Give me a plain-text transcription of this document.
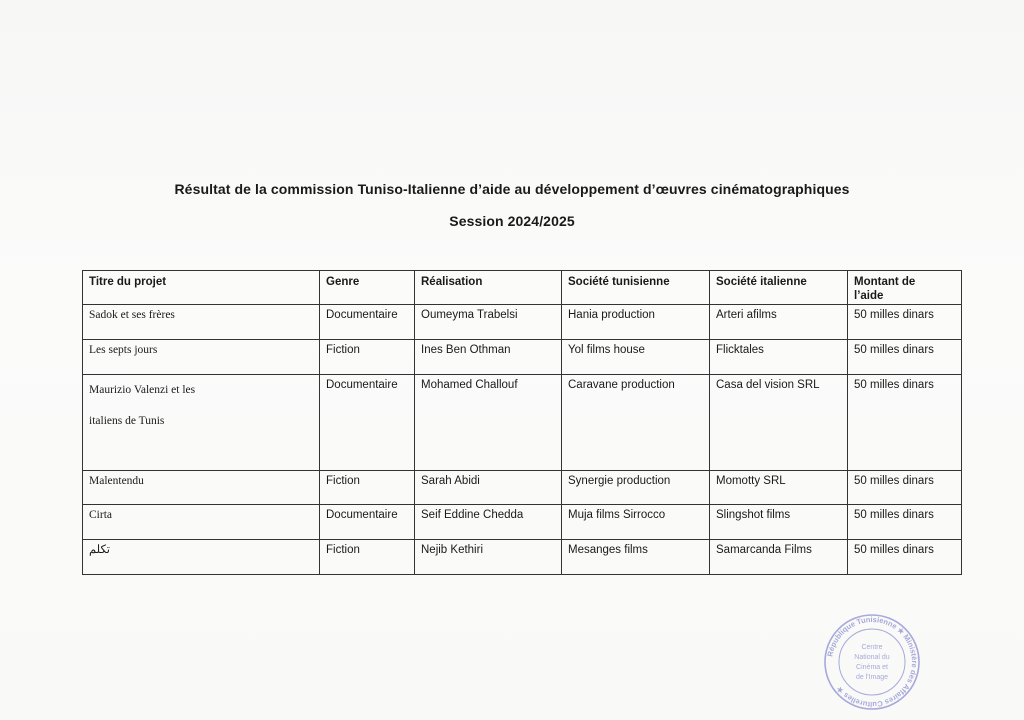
Résultat de la commission Tuniso-Italienne d’aide au développement d’œuvres cinématographiques
Session 2024/2025
Titre du projet	Genre	Réalisation	Société tunisienne	Société italienne	Montant de
l’aide
Sadok et ses frères	Documentaire	Oumeyma Trabelsi	Hania production	Arteri afilms	50 milles dinars
Les septs jours	Fiction	Ines Ben Othman	Yol films house	Flicktales	50 milles dinars
Maurizio Valenzi et les
italiens de Tunis	Documentaire	Mohamed Challouf	Caravane production	Casa del vision SRL	50 milles dinars
Malentendu	Fiction	Sarah Abidi	Synergie production	Momotty SRL	50 milles dinars
Cirta	Documentaire	Seif Eddine Chedda	Muja films Sirrocco	Slingshot films	50 milles dinars
تكلم	Fiction	Nejib Kethiri	Mesanges films	Samarcanda Films	50 milles dinars
République Tunisienne ★ Ministère des Affaires Culturelles ★
Centre
National du
Cinéma et
de l'Image
